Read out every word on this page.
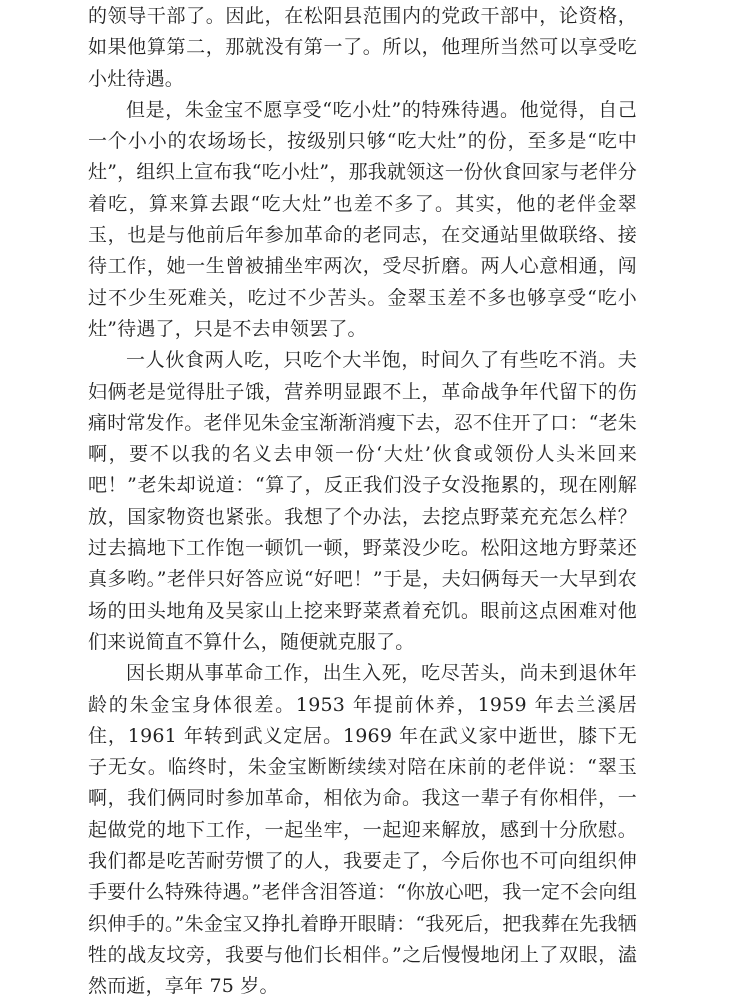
的领导干部了。因此，在松阳县范围内的党政干部中，论资格，如果他算第二，那就没有第一了。所以，他理所当然可以享受吃小灶待遇。

但是，朱金宝不愿享受“吃小灶”的特殊待遇。他觉得，自己一个小小的农场场长，按级别只够“吃大灶”的份，至多是“吃中灶”，组织上宣布我“吃小灶”，那我就领这一份伙食回家与老伴分着吃，算来算去跟“吃大灶”也差不多了。其实，他的老伴金翠玉，也是与他前后年参加革命的老同志，在交通站里做联络、接待工作，她一生曾被捕坐牢两次，受尽折磨。两人心意相通，闯过不少生死难关，吃过不少苦头。金翠玉差不多也够享受“吃小灶”待遇了，只是不去申领罢了。

一人伙食两人吃，只吃个大半饱，时间久了有些吃不消。夫妇俩老是觉得肚子饿，营养明显跟不上，革命战争年代留下的伤痛时常发作。老伴见朱金宝渐渐消瘦下去，忍不住开了口：“老朱啊，要不以我的名义去申领一份‘大灶’伙食或领份人头米回来吧！”老朱却说道：“算了，反正我们没子女没拖累的，现在刚解放，国家物资也紧张。我想了个办法，去挖点野菜充充怎么样？过去搞地下工作饱一顿饥一顿，野菜没少吃。松阳这地方野菜还真多哟。”老伴只好答应说“好吧！”于是，夫妇俩每天一大早到农场的田头地角及吴家山上挖来野菜煮着充饥。眼前这点困难对他们来说简直不算什么，随便就克服了。

因长期从事革命工作，出生入死，吃尽苦头，尚未到退休年龄的朱金宝身体很差。1953 年提前休养，1959 年去兰溪居住，1961 年转到武义定居。1969 年在武义家中逝世，膝下无子无女。临终时，朱金宝断断续续对陪在床前的老伴说：“翠玉啊，我们俩同时参加革命，相依为命。我这一辈子有你相伴，一起做党的地下工作，一起坐牢，一起迎来解放，感到十分欣慰。我们都是吃苦耐劳惯了的人，我要走了，今后你也不可向组织伸手要什么特殊待遇。”老伴含泪答道：“你放心吧，我一定不会向组织伸手的。”朱金宝又挣扎着睁开眼睛：“我死后，把我葬在先我牺牲的战友坟旁，我要与他们长相伴。”之后慢慢地闭上了双眼，溘然而逝，享年 75 岁。
